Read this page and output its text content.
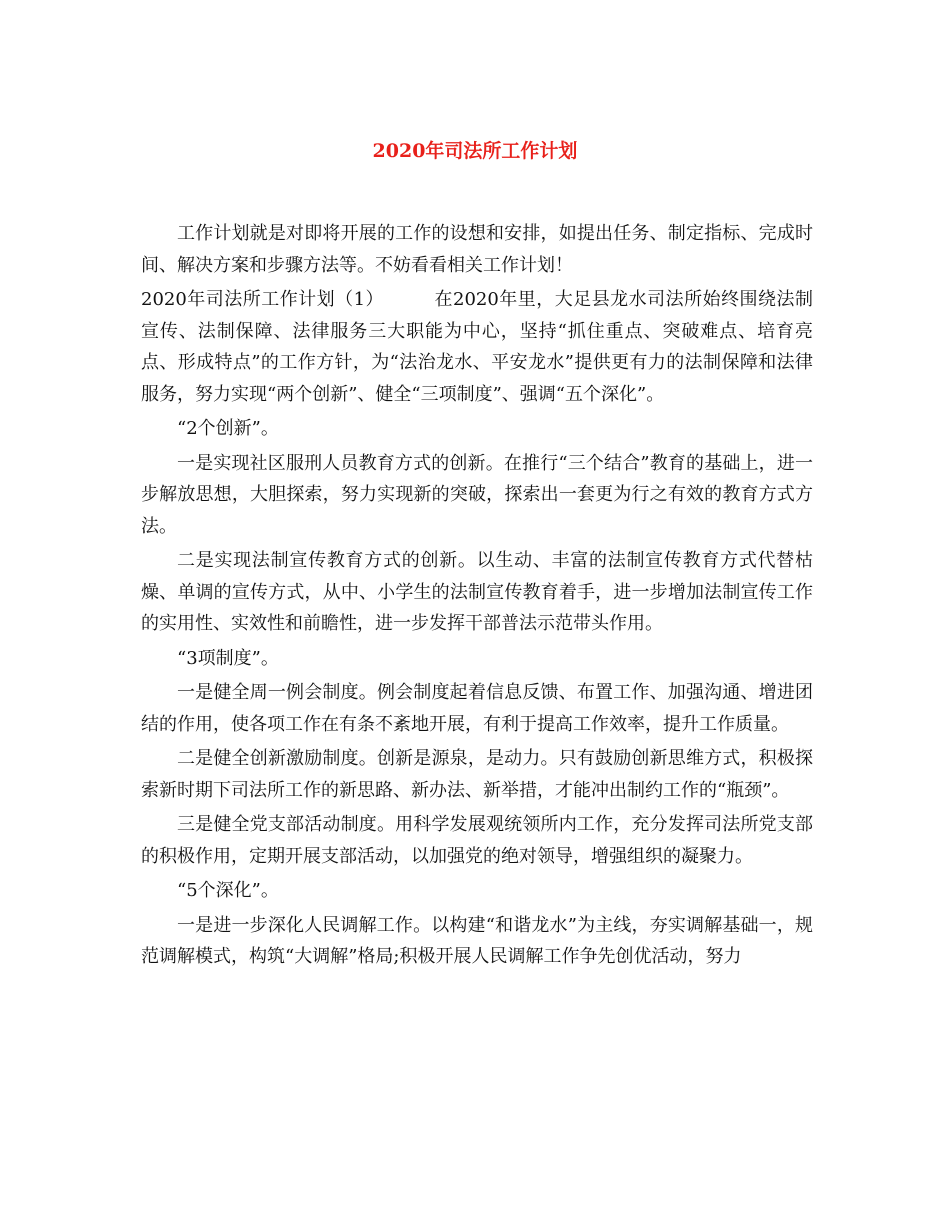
2020年司法所工作计划

工作计划就是对即将开展的工作的设想和安排，如提出任务、制定指标、完成时间、解决方案和步骤方法等。不妨看看相关工作计划！

2020年司法所工作计划（1）	在2020年里，大足县龙水司法所始终围绕法制宣传、法制保障、法律服务三大职能为中心，坚持“抓住重点、突破难点、培育亮点、形成特点”的工作方针，为“法治龙水、平安龙水”提供更有力的法制保障和法律服务，努力实现“两个创新”、健全“三项制度”、强调“五个深化”。

“2个创新”。

一是实现社区服刑人员教育方式的创新。在推行“三个结合”教育的基础上，进一步解放思想，大胆探索，努力实现新的突破，探索出一套更为行之有效的教育方式方法。

二是实现法制宣传教育方式的创新。以生动、丰富的法制宣传教育方式代替枯燥、单调的宣传方式，从中、小学生的法制宣传教育着手，进一步增加法制宣传工作的实用性、实效性和前瞻性，进一步发挥干部普法示范带头作用。

“3项制度”。

一是健全周一例会制度。例会制度起着信息反馈、布置工作、加强沟通、增进团结的作用，使各项工作在有条不紊地开展，有利于提高工作效率，提升工作质量。

二是健全创新激励制度。创新是源泉，是动力。只有鼓励创新思维方式，积极探索新时期下司法所工作的新思路、新办法、新举措，才能冲出制约工作的“瓶颈”。

三是健全党支部活动制度。用科学发展观统领所内工作，充分发挥司法所党支部的积极作用，定期开展支部活动，以加强党的绝对领导，增强组织的凝聚力。

“5个深化”。

一是进一步深化人民调解工作。以构建“和谐龙水”为主线，夯实调解基础一，规范调解模式，构筑“大调解”格局;积极开展人民调解工作争先创优活动，努力
